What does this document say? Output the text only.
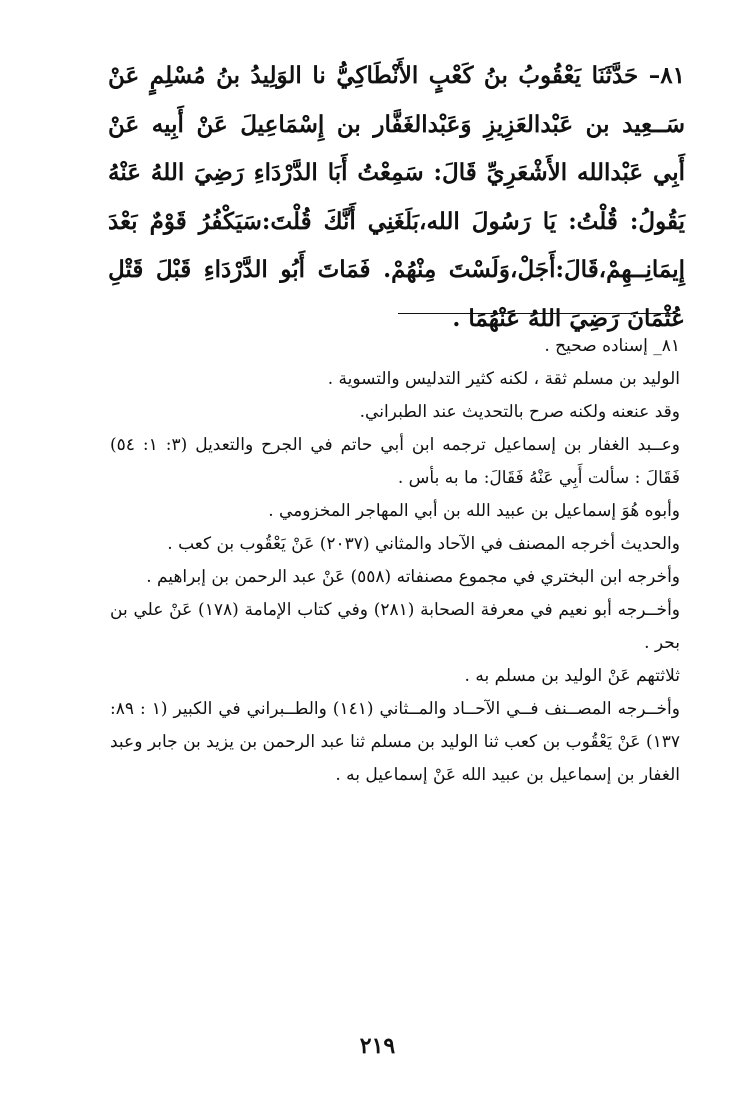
٨١– حَدَّثَنَا يَعْقُوبُ بنُ كَعْبٍ الأَنْطَاكِيُّ نا الوَلِيدُ بنُ مُسْلِمٍ عَنْ سَــعِيد بن عَبْدالعَزِيزِ وَعَبْدالغَفَّار بن إِسْمَاعِيلَ عَنْ أَبِيه عَنْ أَبِي عَبْدالله الأَشْعَرِيِّ قَالَ: سَمِعْتُ أَبَا الدَّرْدَاءِ رَضِيَ اللهُ عَنْهُ يَقُولُ: قُلْتُ: يَا رَسُولَ الله،بَلَغَنِي أَنَّكَ قُلْتَ:سَيَكْفُرُ قَوْمٌ بَعْدَ إِيمَانِــهِمْ،قَالَ:أَجَلْ،وَلَسْتَ مِنْهُمْ. فَمَاتَ أَبُو الدَّرْدَاءِ قَبْلَ قَتْلِ عُثْمَانَ رَضِيَ اللهُ عَنْهُمَا .

٨١_ إسناده صحيح .

الوليد بن مسلم ثقة ، لكنه كثير التدليس والتسوية .

وقد عنعنه ولكنه صرح بالتحديث عند الطبراني.

وعــبد الغفار بن إسماعيل ترجمه ابن أبي حاتم في الجرح والتعديل (٣: ١: ٥٤) فَقَالَ : سألت أَبِي عَنْهُ فَقَالَ: ما به بأس .

وأبوه هُوَ إسماعيل بن عبيد الله بن أبي المهاجر المخزومي .

والحديث أخرجه المصنف في الآحاد والمثاني (٢٠٣٧) عَنْ يَعْقُوب بن كعب .

وأخرجه ابن البختري في مجموع مصنفاته (٥٥٨) عَنْ عبد الرحمن بن إبراهيم .

وأخــرجه أبو نعيم في معرفة الصحابة (٢٨١) وفي كتاب الإمامة (١٧٨) عَنْ علي بن بحر .

ثلاثتهم عَنْ الوليد بن مسلم به .

وأخــرجه المصــنف فــي الآحــاد والمــثاني (١٤١) والطــبراني في الكبير (١ : ٨٩: ١٣٧) عَنْ يَعْقُوب بن كعب ثنا الوليد بن مسلم ثنا عبد الرحمن بن يزيد بن جابر وعبد الغفار بن إسماعيل بن عبيد الله عَنْ إسماعيل به .

٢١٩
